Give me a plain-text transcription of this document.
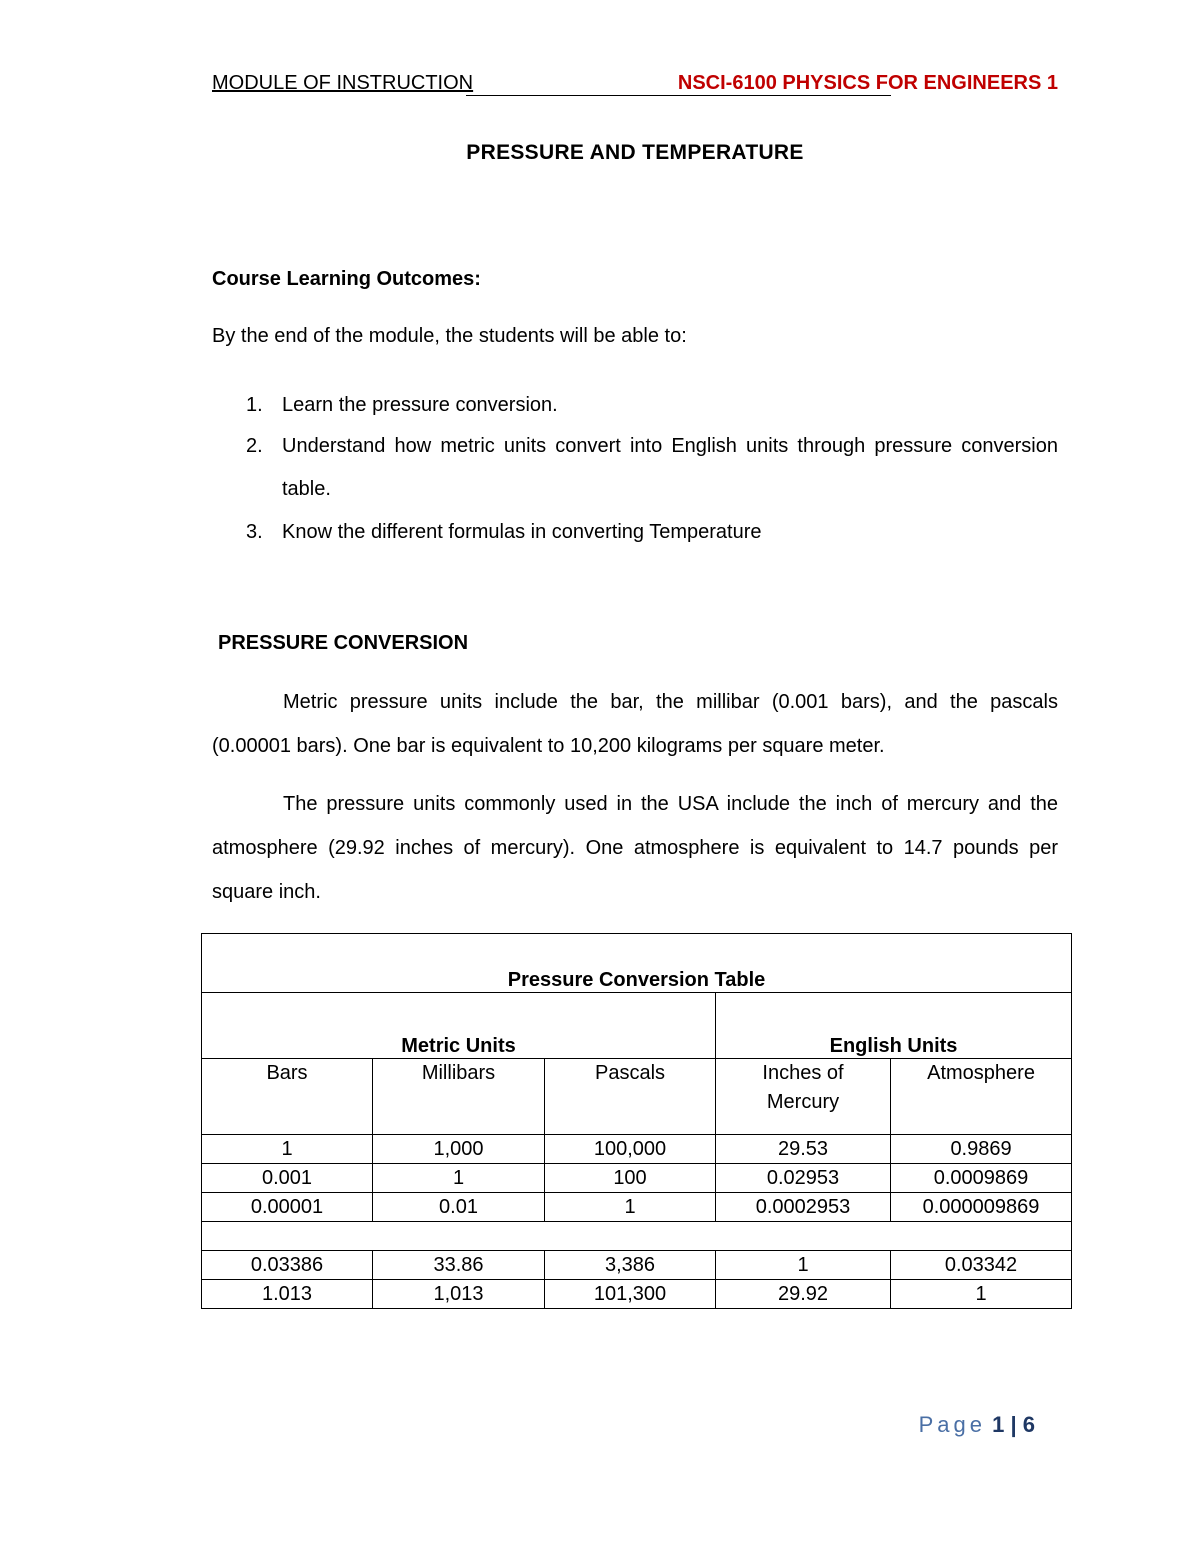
MODULE OF INSTRUCTION	NSCI-6100 PHYSICS FOR ENGINEERS 1
PRESSURE AND TEMPERATURE
Course Learning Outcomes:
By the end of the module, the students will be able to:
1. Learn the pressure conversion.
2. Understand how metric units convert into English units through pressure conversion table.
3. Know the different formulas in converting Temperature
PRESSURE CONVERSION

Metric pressure units include the bar, the millibar (0.001 bars), and the pascals (0.00001 bars). One bar is equivalent to 10,200 kilograms per square meter.

The pressure units commonly used in the USA include the inch of mercury and the atmosphere (29.92 inches of mercury). One atmosphere is equivalent to 14.7 pounds per square inch.

Pressure Conversion Table				
Metric Units			English Units	
Bars	Millibars	Pascals	Inches of Mercury	Atmosphere
1	1,000	100,000	29.53	0.9869
0.001	1	100	0.02953	0.0009869
0.00001	0.01	1	0.0002953	0.000009869

0.03386	33.86	3,386	1	0.03342
1.013	1,013	101,300	29.92	1
Page 1 | 6
